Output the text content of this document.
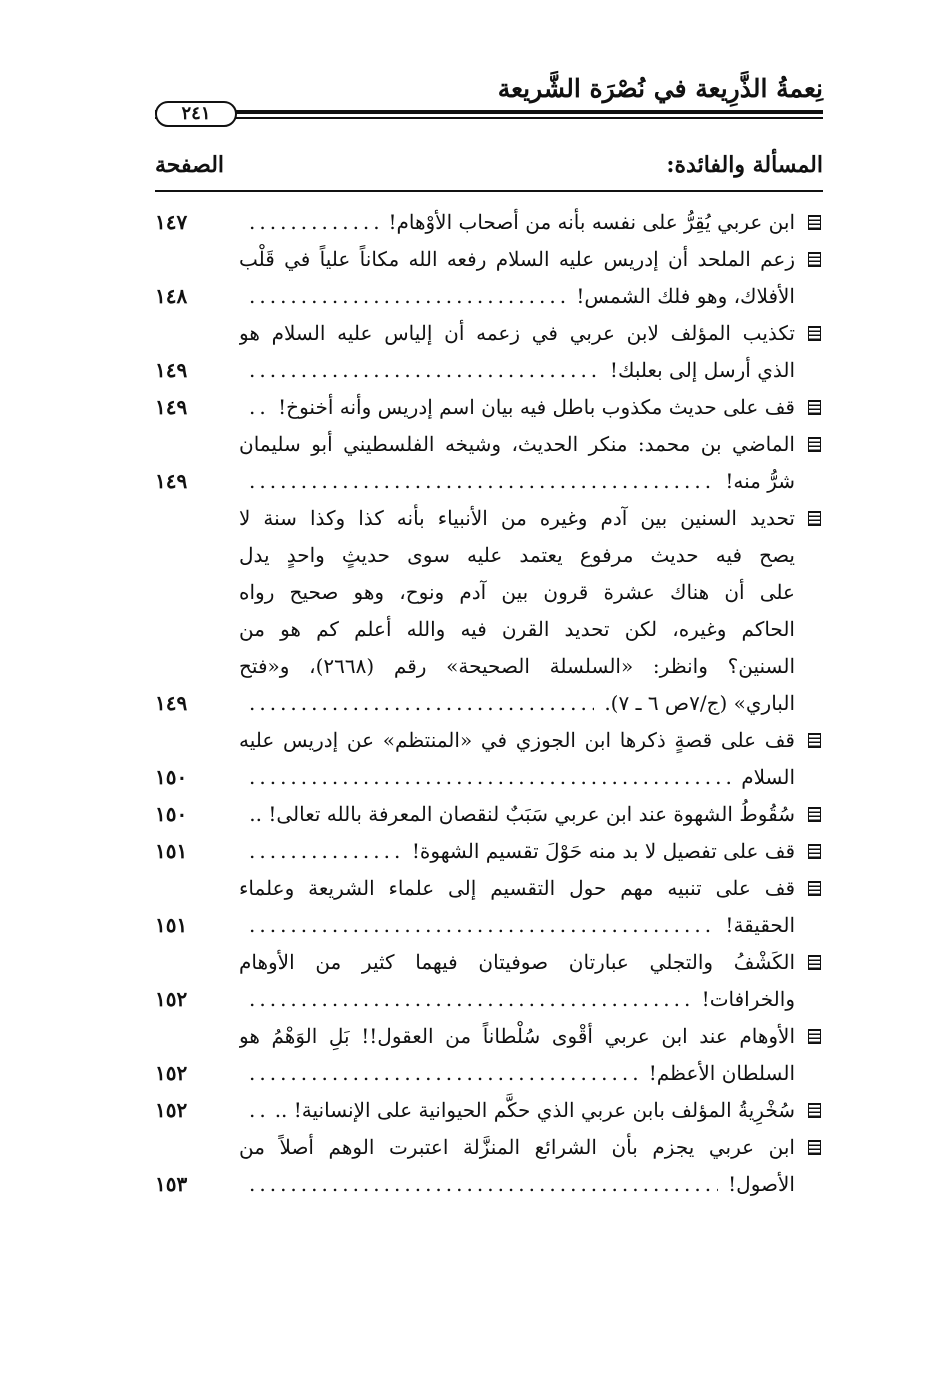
نِعمةُ الذَّرِيعة في نُصْرَة الشَّريعة
٢٤١
المسألة والفائدة:
الصفحة
ابن عربي يُقِرُّ على نفسه بأنه من أصحاب الأوْهام!
.....
١٤٧
زعم الملحد أن إدريس عليه السلام رفعه الله مكاناً علياً في قَلْب
الأفلاك، وهو فلك الشمس!
.....
١٤٨
تكذيب المؤلف لابن عربي في زعمه أن إلياس عليه السلام هو
الذي أرسل إلى بعلبك!
.....
١٤٩
قف على حديث مكذوب باطل فيه بيان اسم إدريس وأنه أخنوخ!
.....
١٤٩
الماضي بن محمد: منكر الحديث، وشيخه الفلسطيني أبو سليمان
شرُّ منه!
.....
١٤٩
تحديد السنين بين آدم وغيره من الأنبياء بأنه كذا وكذا سنة لا
يصح فيه حديث مرفوع يعتمد عليه سوى حديثٍ واحدٍ يدل
على أن هناك عشرة قرون بين آدم ونوح، وهو صحيح رواه
الحاكم وغيره، لكن تحديد القرن فيه والله أعلم كم هو من
السنين؟ وانظر: «السلسلة الصحيحة» رقم (٢٦٦٨)، و«فتح
الباري» (ج/٧ص ٦ ـ ٧).
.....
١٤٩
قف على قصةٍ ذكرها ابن الجوزي في «المنتظم» عن إدريس عليه
السلام
.....
١٥٠
سُقُوطُ الشهوة عند ابن عربي سَبَبٌ لنقصان المعرفة بالله تعالى! ..
١٥٠
قف على تفصيل لا بد منه حَوْلَ تقسيم الشهوة!
.....
١٥١
قف على تنبيه مهم حول التقسيم إلى علماء الشريعة وعلماء
الحقيقة!
.....
١٥١
الكَشْفُ والتجلي عبارتان صوفيتان فيهما كثير من الأوهام
والخرافات!
.....
١٥٢
الأوهام عند ابن عربي أقْوى سُلْطاناً من العقول!! بَلِ الوَهْمُ هو
السلطان الأعظم!
.....
١٥٢
سُخْرِيةُ المؤلف بابن عربي الذي حكَّم الحيوانية على الإنسانية! ..
.....
١٥٢
ابن عربي يجزم بأن الشرائع المنزَّلة اعتبرت الوهم أصلاً من
الأصول!
.....
١٥٣
